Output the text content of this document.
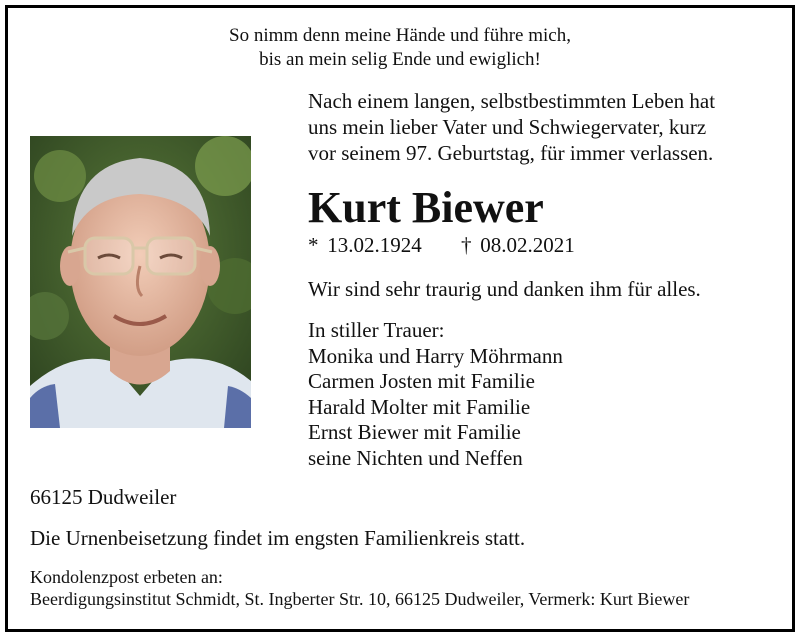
So nimm denn meine Hände und führe mich,
bis an mein selig Ende und ewiglich!
Nach einem langen, selbstbestimmten Leben hat
uns mein lieber Vater und Schwiegervater, kurz
vor seinem 97. Geburtstag, für immer verlassen.
Kurt Biewer
* 13.02.1924 † 08.02.2021
Wir sind sehr traurig und danken ihm für alles.
In stiller Trauer:
Monika und Harry Möhrmann
Carmen Josten mit Familie
Harald Molter mit Familie
Ernst Biewer mit Familie
seine Nichten und Neffen
66125 Dudweiler
Die Urnenbeisetzung findet im engsten Familienkreis statt.
Kondolenzpost erbeten an:
Beerdigungsinstitut Schmidt, St. Ingberter Str. 10, 66125 Dudweiler, Vermerk: Kurt Biewer
